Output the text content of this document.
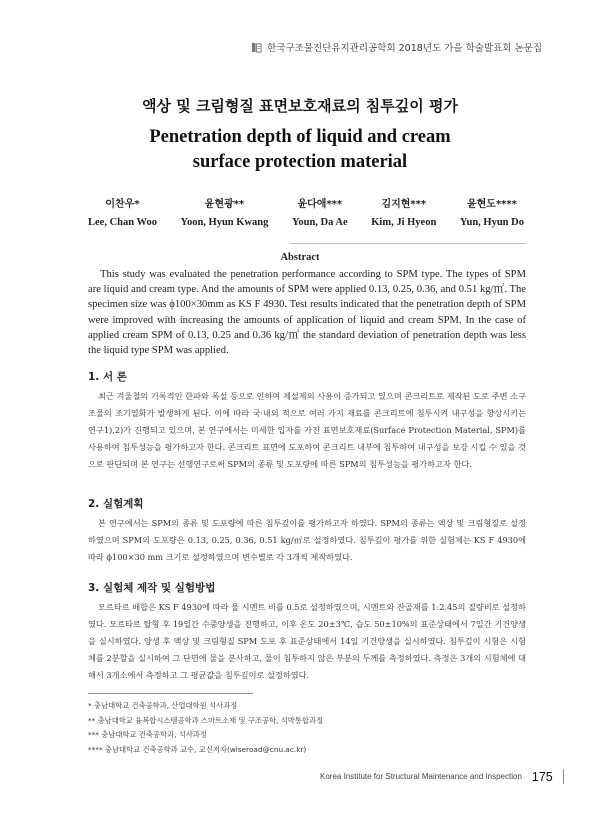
한국구조물진단유지관리공학회 2018년도 가을 학술발표회 논문집
액상 및 크림형질 표면보호재료의 침투깊이 평가
Penetration depth of liquid and cream
surface protection material
이찬우*
Lee, Chan Woo
윤현광**
Yoon, Hyun Kwang
윤다애***
Youn, Da Ae
김지현***
Kim, Ji Hyeon
윤현도****
Yun, Hyun Do
Abstract

This study was evaluated the penetration performance according to SPM type. The types of SPM are liquid and cream type. And the amounts of SPM were applied 0.13, 0.25, 0.36, and 0.51 kg/㎡. The specimen size was ϕ100×30mm as KS F 4930. Test results indicated that the penetration depth of SPM were improved with increasing the amounts of application of liquid and cream SPM. In the case of applied cream SPM of 0.13, 0.25 and 0.36 kg/㎡ the standard deviation of penetration depth was less the liquid type SPM was applied.

1. 서 론

최근 겨울철의 기록적인 한파와 폭설 등으로 인하여 제설제의 사용이 증가되고 있으며 콘크리트로 제작된 도로 주변 소구조물의 조기열화가 발생하게 된다. 이에 따라 국·내외 적으로 여러 가지 재료를 콘크리트에 침투시켜 내구성을 향상시키는 연구1),2)가 진행되고 있으며, 본 연구에서는 미세한 입자를 가진 표면보호재료(Surface Protection Material, SPM)를 사용하여 침투성능을 평가하고자 한다. 콘크리트 표면에 도포하여 콘크리트 내부에 침투하여 내구성을 보강 시킬 수 있을 것으로 판단되며 본 연구는 선행연구로써 SPM의 종류 및 도포량에 따른 SPM의 침투성능을 평가하고자 한다.

2. 실험계획

본 연구에서는 SPM의 종류 및 도포량에 따른 침투깊이를 평가하고자 하였다. SPM의 종류는 액상 및 크림형질로 설정하였으며 SPM의 도포량은 0.13, 0.25, 0.36, 0.51 kg/㎡로 설정하였다. 침투깊이 평가를 위한 실험체는 KS F 4930에 따라 ϕ100×30 mm 크기로 설정하였으며 변수별로 각 3개씩 제작하였다.

3. 실험체 제작 및 실험방법

모르타르 배합은 KS F 4930에 따라 물 시멘트 비를 0.5로 설정하였으며, 시멘트와 잔골재를 1:2.45의 질량비로 설정하였다. 모르타르 탈형 후 19일간 수중양생을 진행하고, 이후 온도 20±3℃, 습도 50±10%의 표준상태에서 7일간 기건양생을 실시하였다. 양생 후 액상 및 크림형질 SPM 도포 후 표준상태에서 14일 기건양생을 실시하였다. 침투깊이 시험은 시험체를 2분할을 실시하여 그 단면에 물을 분사하고, 물이 침투하지 않은 부분의 두께를 측정하였다. 측정은 3개의 시험체에 대해서 3개소에서 측정하고 그 평균값을 침투깊이로 설정하였다.

* 충남대학교 건축공학과, 산업대학원 석사과정
** 충남대학교 융복합시스템공학과 스마트소재 및 구조공학, 석박통합과정
*** 충남대학교 건축공학과, 석사과정
**** 충남대학교 건축공학과 교수, 교신저자(wiseroad@cnu.ac.kr)
Korea Institute for Structural Maintenance and Inspection 175
